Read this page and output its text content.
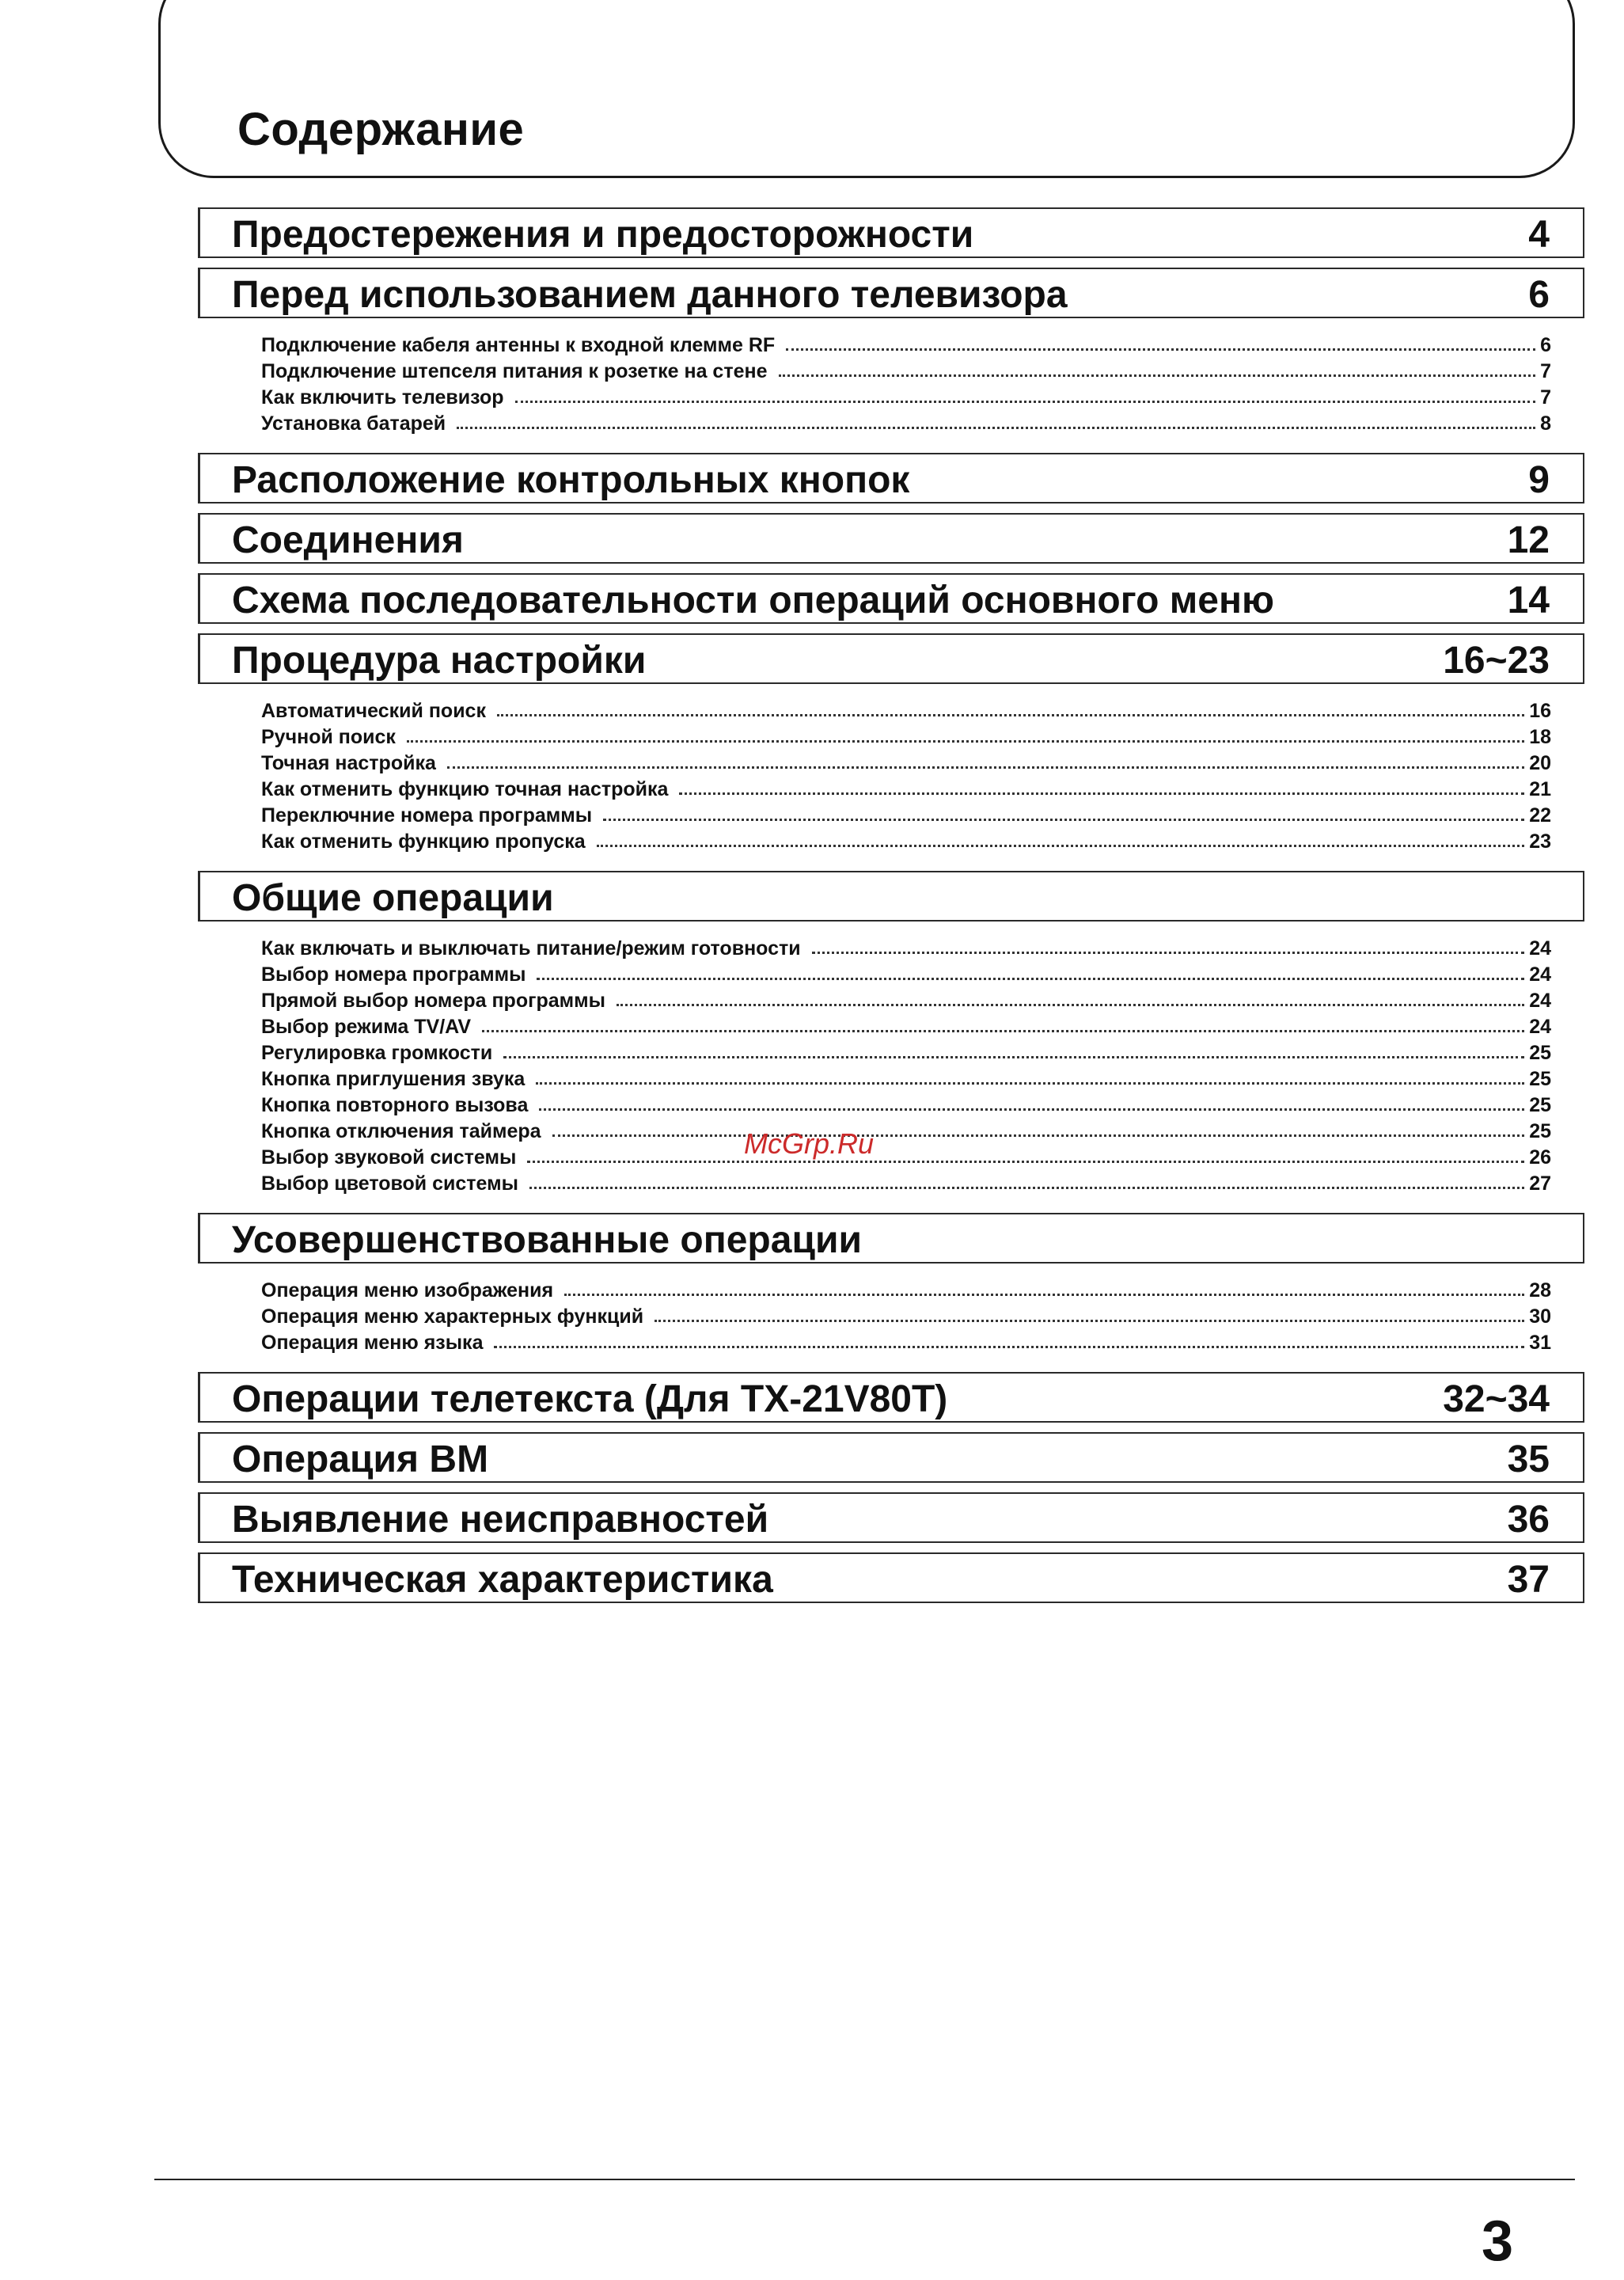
Содержание
Предостережения и предосторожности	4
Перед использованием данного телевизора	6
Подключение кабеля антенны к входной клемме RF	6
Подключение штепселя питания к розетке на стене	7
Как включить телевизор	7
Установка батарей	8
Расположение контрольных кнопок	9
Соединения	12
Схема последовательности операций основного меню	14
Процедура настройки	16~23
Автоматический поиск	16
Ручной поиск	18
Точная настройка	20
Как отменить функцию точная настройка	21
Переключние номера программы	22
Как отменить функцию пропуска	23
Общие операции
Как включать и выключать питание/режим готовности	24
Выбор номера программы	24
Прямой выбор номера программы	24
Выбор режима TV/AV	24
Регулировка громкости	25
Кнопка приглушения звука	25
Кнопка повторного вызова	25
Кнопка отключения таймера	25
Выбор звуковой системы	26
Выбор цветовой системы	27
Усовершенствованные операции
Операция меню изображения	28
Операция меню характерных функций	30
Операция меню языка	31
Операции телетекста (Для TX-21V80T)	32~34
Операция ВМ	35
Выявление неисправностей	36
Техническая характеристика	37
McGrp.Ru
3
